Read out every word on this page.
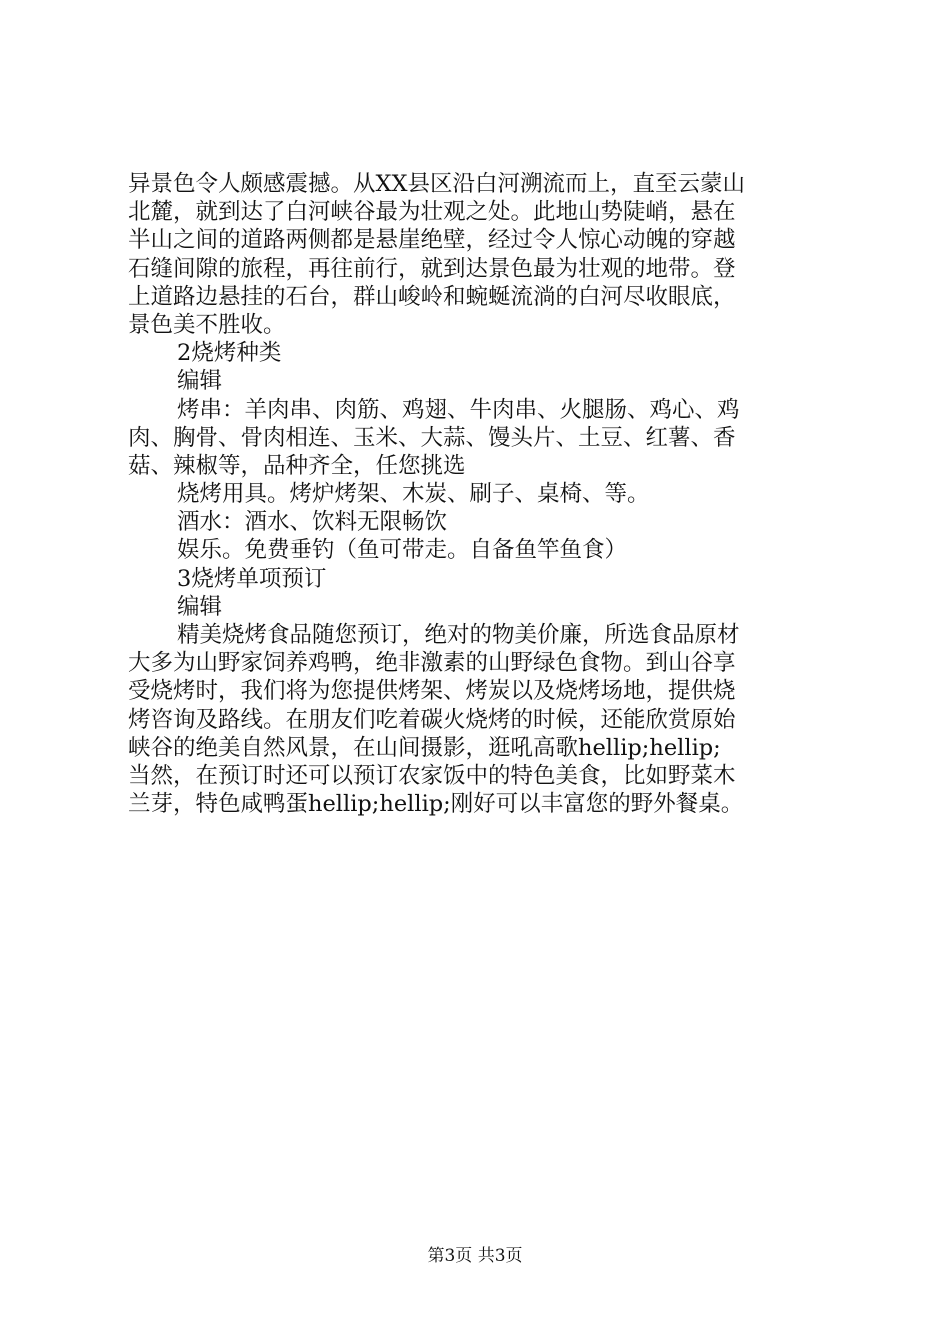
异景色令人颇感震撼。从XX县区沿白河溯流而上，直至云蒙山
北麓，就到达了白河峡谷最为壮观之处。此地山势陡峭，悬在
半山之间的道路两侧都是悬崖绝壁，经过令人惊心动魄的穿越
石缝间隙的旅程，再往前行，就到达景色最为壮观的地带。登
上道路边悬挂的石台，群山峻岭和蜿蜒流淌的白河尽收眼底，
景色美不胜收。
2烧烤种类
编辑
烤串：羊肉串、肉筋、鸡翅、牛肉串、火腿肠、鸡心、鸡
肉、胸骨、骨肉相连、玉米、大蒜、馒头片、土豆、红薯、香
菇、辣椒等，品种齐全，任您挑选
烧烤用具。烤炉烤架、木炭、刷子、桌椅、等。
酒水：酒水、饮料无限畅饮
娱乐。免费垂钓（鱼可带走。自备鱼竿鱼食）
3烧烤单项预订
编辑
精美烧烤食品随您预订，绝对的物美价廉，所选食品原材
大多为山野家饲养鸡鸭，绝非激素的山野绿色食物。到山谷享
受烧烤时，我们将为您提供烤架、烤炭以及烧烤场地，提供烧
烤咨询及路线。在朋友们吃着碳火烧烤的时候，还能欣赏原始
峡谷的绝美自然风景，在山间摄影，逛吼高歌hellip;hellip;
当然，在预订时还可以预订农家饭中的特色美食，比如野菜木
兰芽，特色咸鸭蛋hellip;hellip;刚好可以丰富您的野外餐桌。
第3页 共3页
